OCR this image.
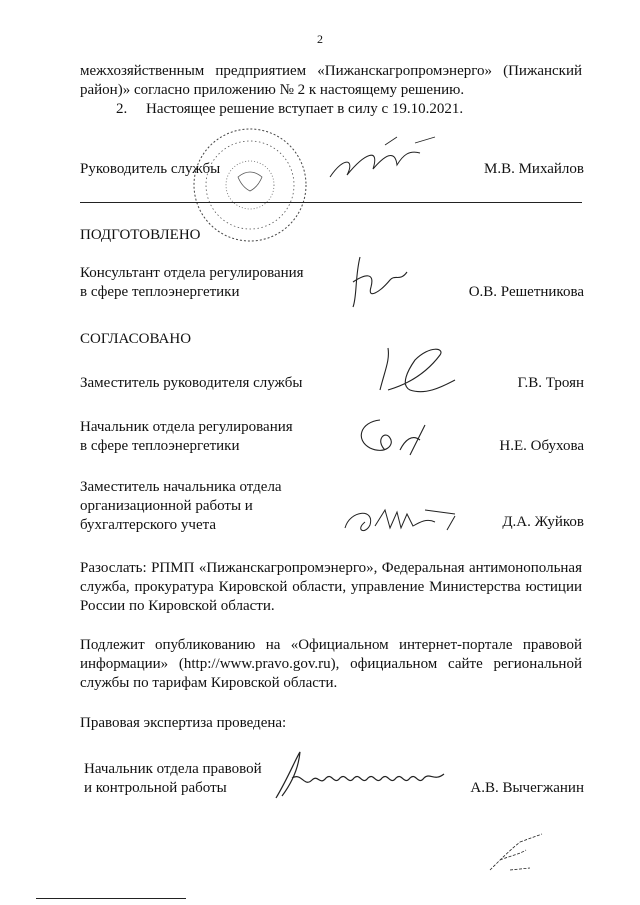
2
межхозяйственным предприятием «Пижанскагропромэнерго» (Пижанский район)» согласно приложению № 2 к настоящему решению.
2. Настоящее решение вступает в силу с 19.10.2021.
Руководитель службы	М.В. Михайлов
ПОДГОТОВЛЕНО
Консультант отдела регулирования
в сфере теплоэнергетики	О.В. Решетникова
СОГЛАСОВАНО
Заместитель руководителя службы	Г.В. Троян
Начальник отдела регулирования
в сфере теплоэнергетики	Н.Е. Обухова
Заместитель начальника отдела
организационной работы и
бухгалтерского учета	Д.А. Жуйков
Разослать: РПМП «Пижанскагропромэнерго», Федеральная антимонопольная служба, прокуратура Кировской области, управление Министерства юстиции России по Кировской области.
Подлежит опубликованию на «Официальном интернет-портале правовой информации» (http://www.pravo.gov.ru), официальном сайте региональной службы по тарифам Кировской области.
Правовая экспертиза проведена:
Начальник отдела правовой
и контрольной работы	А.В. Вычегжанин
